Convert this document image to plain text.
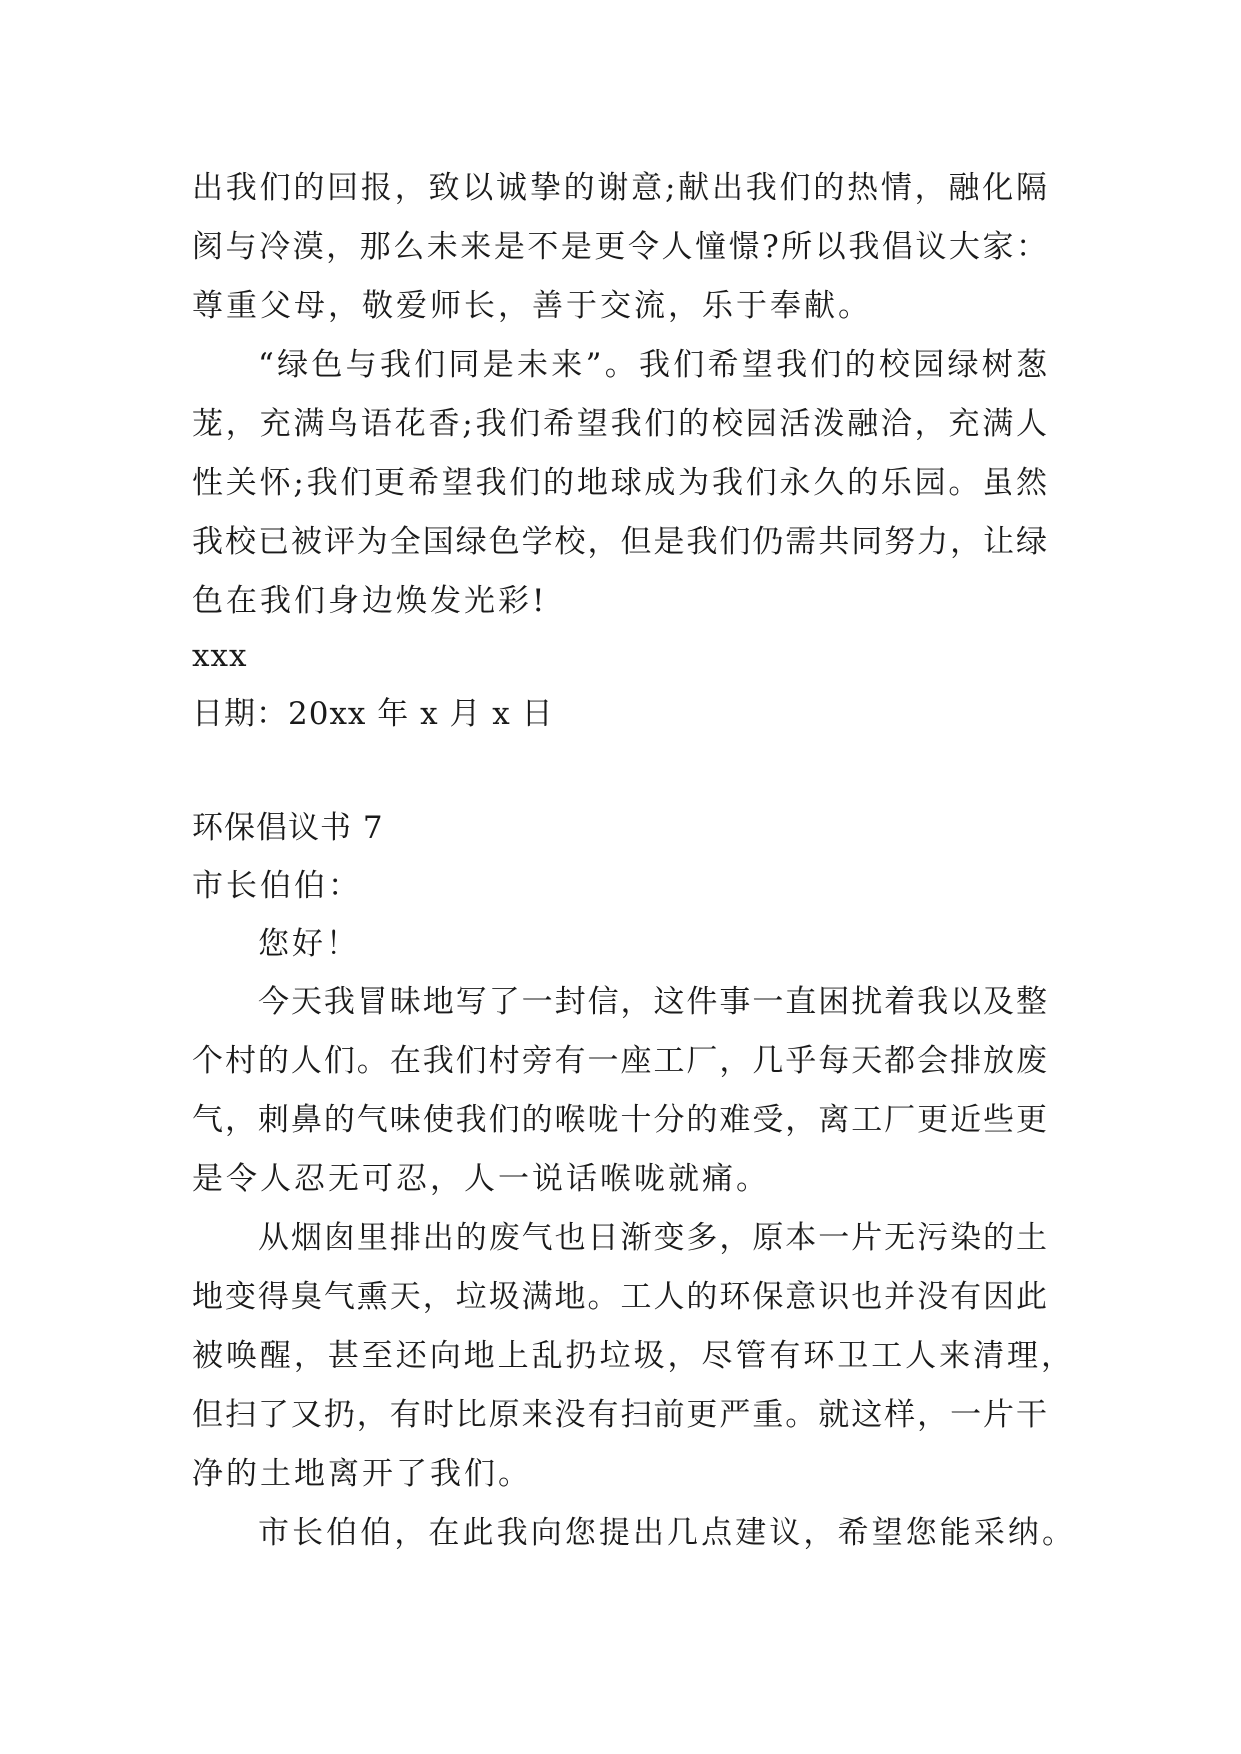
出我们的回报，致以诚挚的谢意;献出我们的热情，融化隔

阂与冷漠，那么未来是不是更令人憧憬?所以我倡议大家：

尊重父母，敬爱师长，善于交流，乐于奉献。

“绿色与我们同是未来”。我们希望我们的校园绿树葱

茏，充满鸟语花香;我们希望我们的校园活泼融洽，充满人

性关怀;我们更希望我们的地球成为我们永久的乐园。虽然

我校已被评为全国绿色学校，但是我们仍需共同努力，让绿

色在我们身边焕发光彩!

xxx

日期：20xx 年 x 月 x 日

环保倡议书 7

市长伯伯：

您好！

今天我冒昧地写了一封信，这件事一直困扰着我以及整

个村的人们。在我们村旁有一座工厂，几乎每天都会排放废

气，刺鼻的气味使我们的喉咙十分的难受，离工厂更近些更

是令人忍无可忍，人一说话喉咙就痛。

从烟囱里排出的废气也日渐变多，原本一片无污染的土

地变得臭气熏天，垃圾满地。工人的环保意识也并没有因此

被唤醒，甚至还向地上乱扔垃圾，尽管有环卫工人来清理，

但扫了又扔，有时比原来没有扫前更严重。就这样，一片干

净的土地离开了我们。

市长伯伯，在此我向您提出几点建议，希望您能采纳。
